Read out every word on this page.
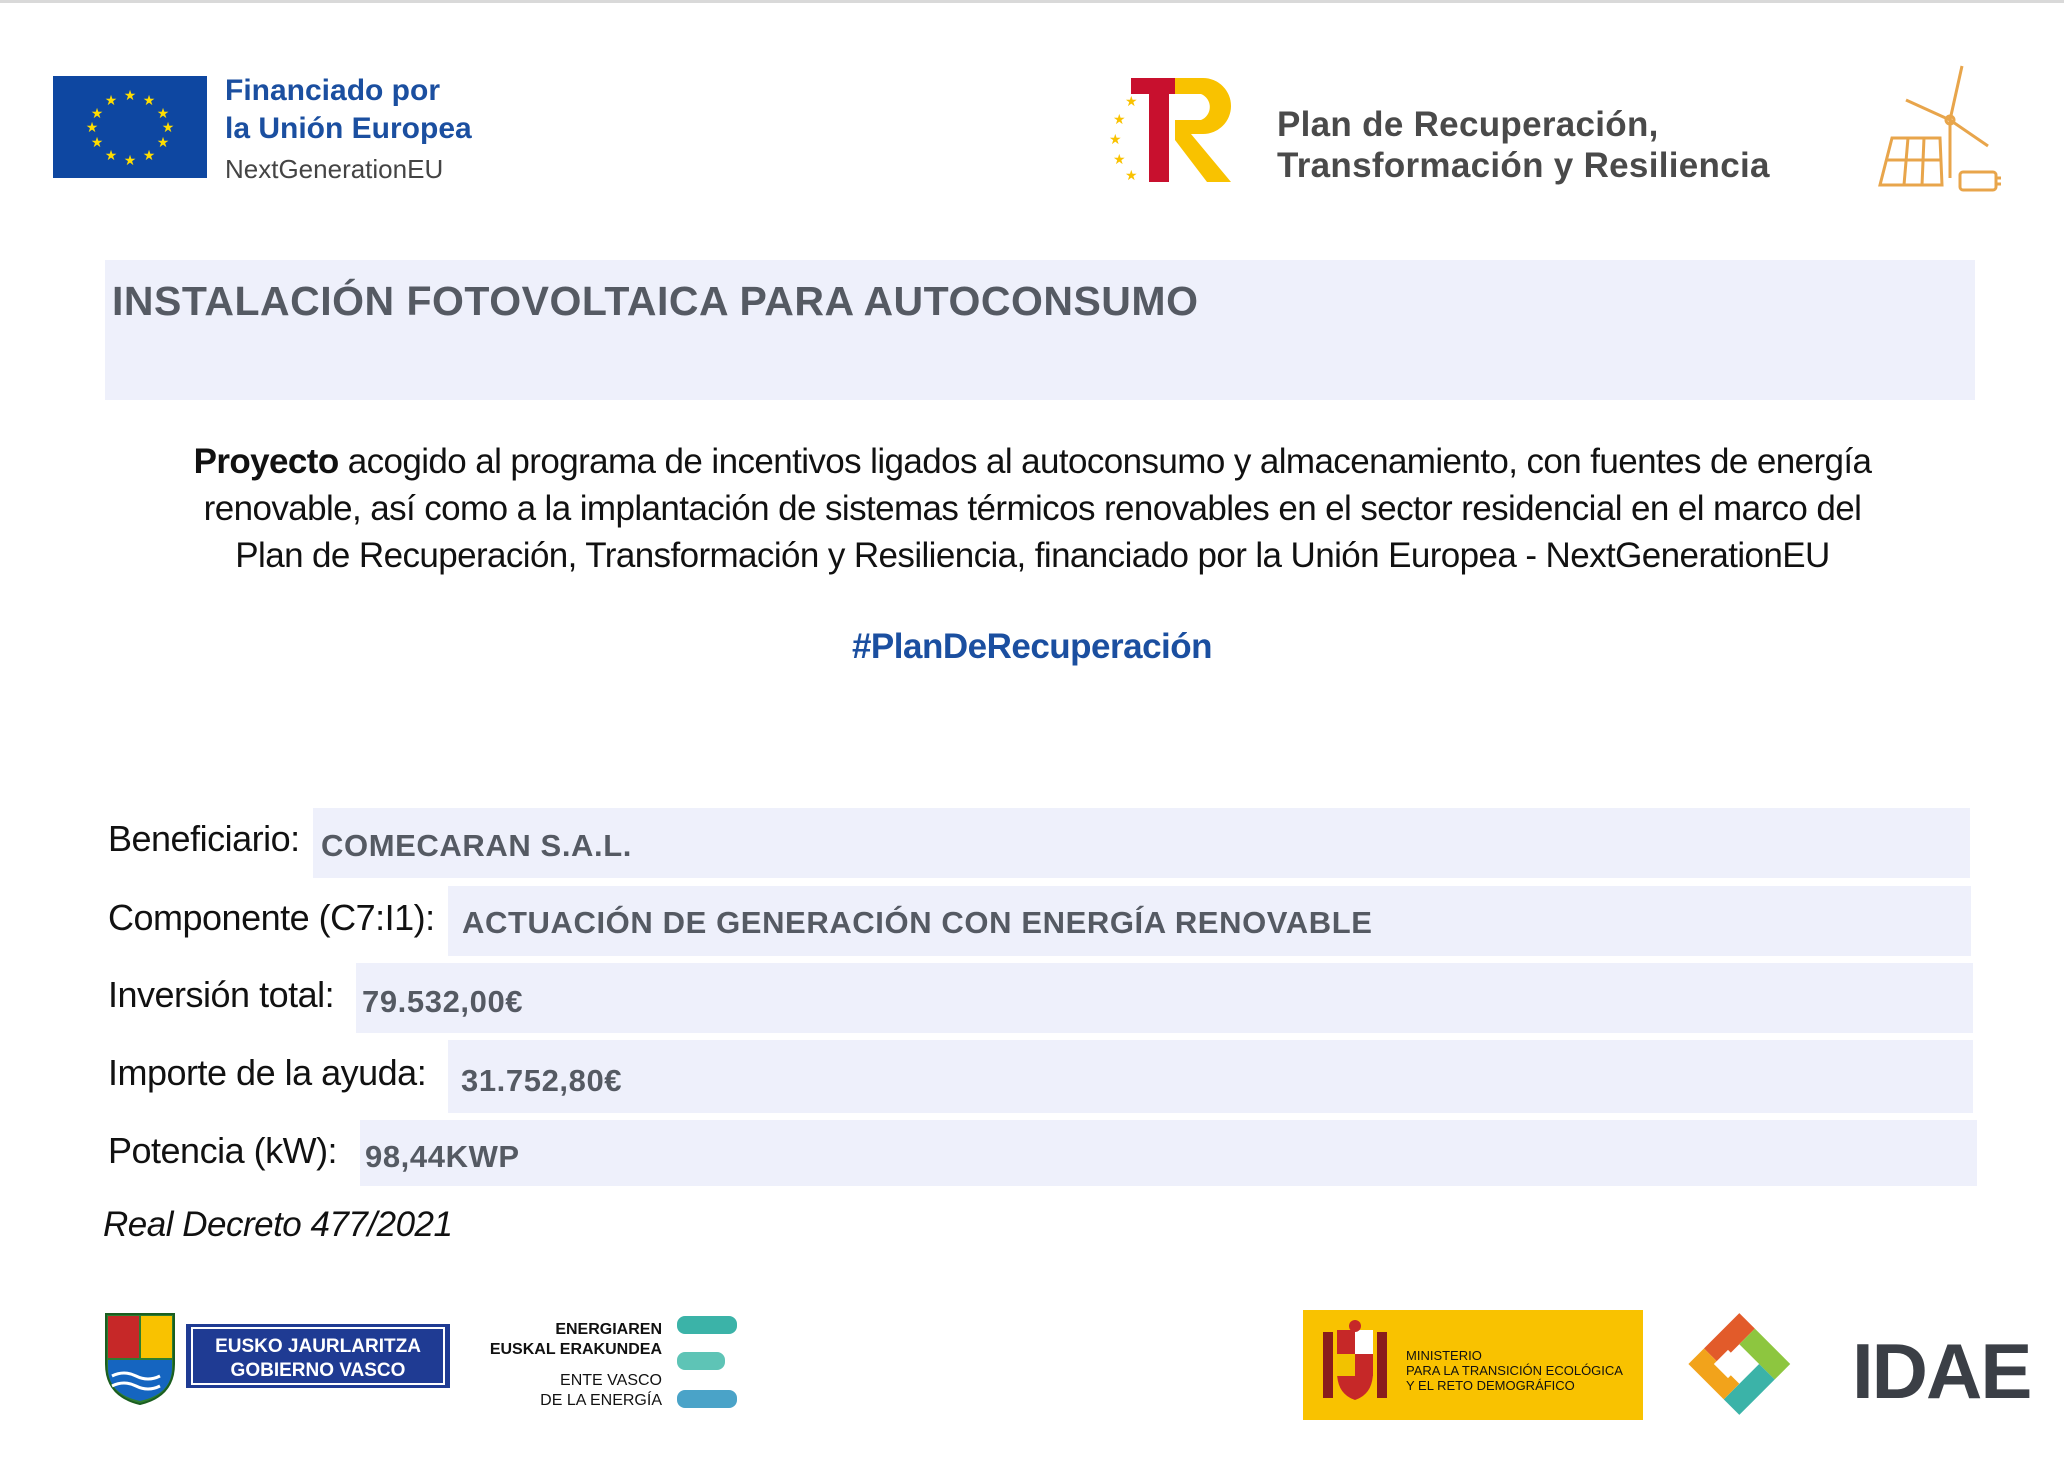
★ ★
★
★
★
★
★
★
★
★
★
★	Financiado por
la Unión Europea
NextGenerationEU
★
★
★
★
★
Plan de Recuperación,
Transformación y Resiliencia
INSTALACIÓN FOTOVOLTAICA PARA AUTOCONSUMO
Proyecto acogido al programa de incentivos ligados al autoconsumo y almacenamiento, con fuentes de energía
renovable, así como a la implantación de sistemas térmicos renovables en el sector residencial en el marco del
Plan de Recuperación, Transformación y Resiliencia, financiado por la Unión Europea - NextGenerationEU
#PlanDeRecuperación
Beneficiario: COMECARAN S.A.L.
Componente (C7:I1): ACTUACIÓN DE GENERACIÓN CON ENERGÍA RENOVABLE
Inversión total: 79.532,00€
Importe de la ayuda: 31.752,80€
Potencia (kW): 98,44KWP
Real Decreto 477/2021
EUSKO JAURLARITZA
GOBIERNO VASCO
ENERGIAREN
EUSKAL ERAKUNDEA
ENTE VASCO
DE LA ENERGÍA
MINISTERIO
PARA LA TRANSICIÓN ECOLÓGICA
Y EL RETO DEMOGRÁFICO	IDAE
